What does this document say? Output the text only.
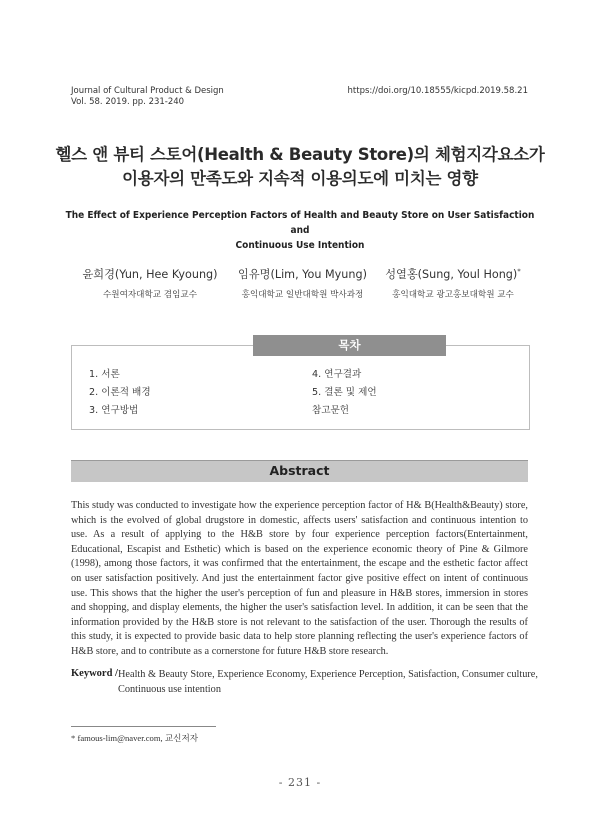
Journal of Cultural Product & Design
Vol. 58. 2019. pp. 231-240
https://doi.org/10.18555/kicpd.2019.58.21
헬스 앤 뷰티 스토어(Health & Beauty Store)의 체험지각요소가
이용자의 만족도와 지속적 이용의도에 미치는 영향
The Effect of Experience Perception Factors of Health and Beauty Store on User Satisfaction and
Continuous Use Intention
윤희경(Yun, Hee Kyoung)
수원여자대학교 겸임교수
임유명(Lim, You Myung)
홍익대학교 일반대학원 박사과정
성열홍(Sung, Youl Hong)*
홍익대학교 광고홍보대학원 교수
목차
1. 서론
2. 이론적 배경
3. 연구방법
4. 연구결과
5. 결론 및 제언
참고문헌
Abstract
This study was conducted to investigate how the experience perception factor of H& B(Health&Beauty) store, which is the evolved of global drugstore in domestic, affects users' satisfaction and continuous intention to use. As a result of applying to the H&B store by four experience perception factors(Entertainment, Educational, Escapist and Esthetic) which is based on the experience economic theory of Pine & Gilmore (1998), among those factors, it was confirmed that the entertainment, the escape and the esthetic factor affect on user satisfaction positively. And just the entertainment factor give positive effect on intent of continuous use. This shows that the higher the user's perception of fun and pleasure in H&B stores, immersion in stores and shopping, and display elements, the higher the user's satisfaction level. In addition, it can be seen that the information provided by the H&B store is not relevant to the satisfaction of the user. Thorough the results of this study, it is expected to provide basic data to help store planning reflecting the user's experience factors of H&B store, and to contribute as a cornerstone for future H&B store research.
Keyword / Health & Beauty Store, Experience Economy, Experience Perception, Satisfaction, Consumer culture,
Continuous use intention
* famous-lim@naver.com, 교신저자
- 231 -
